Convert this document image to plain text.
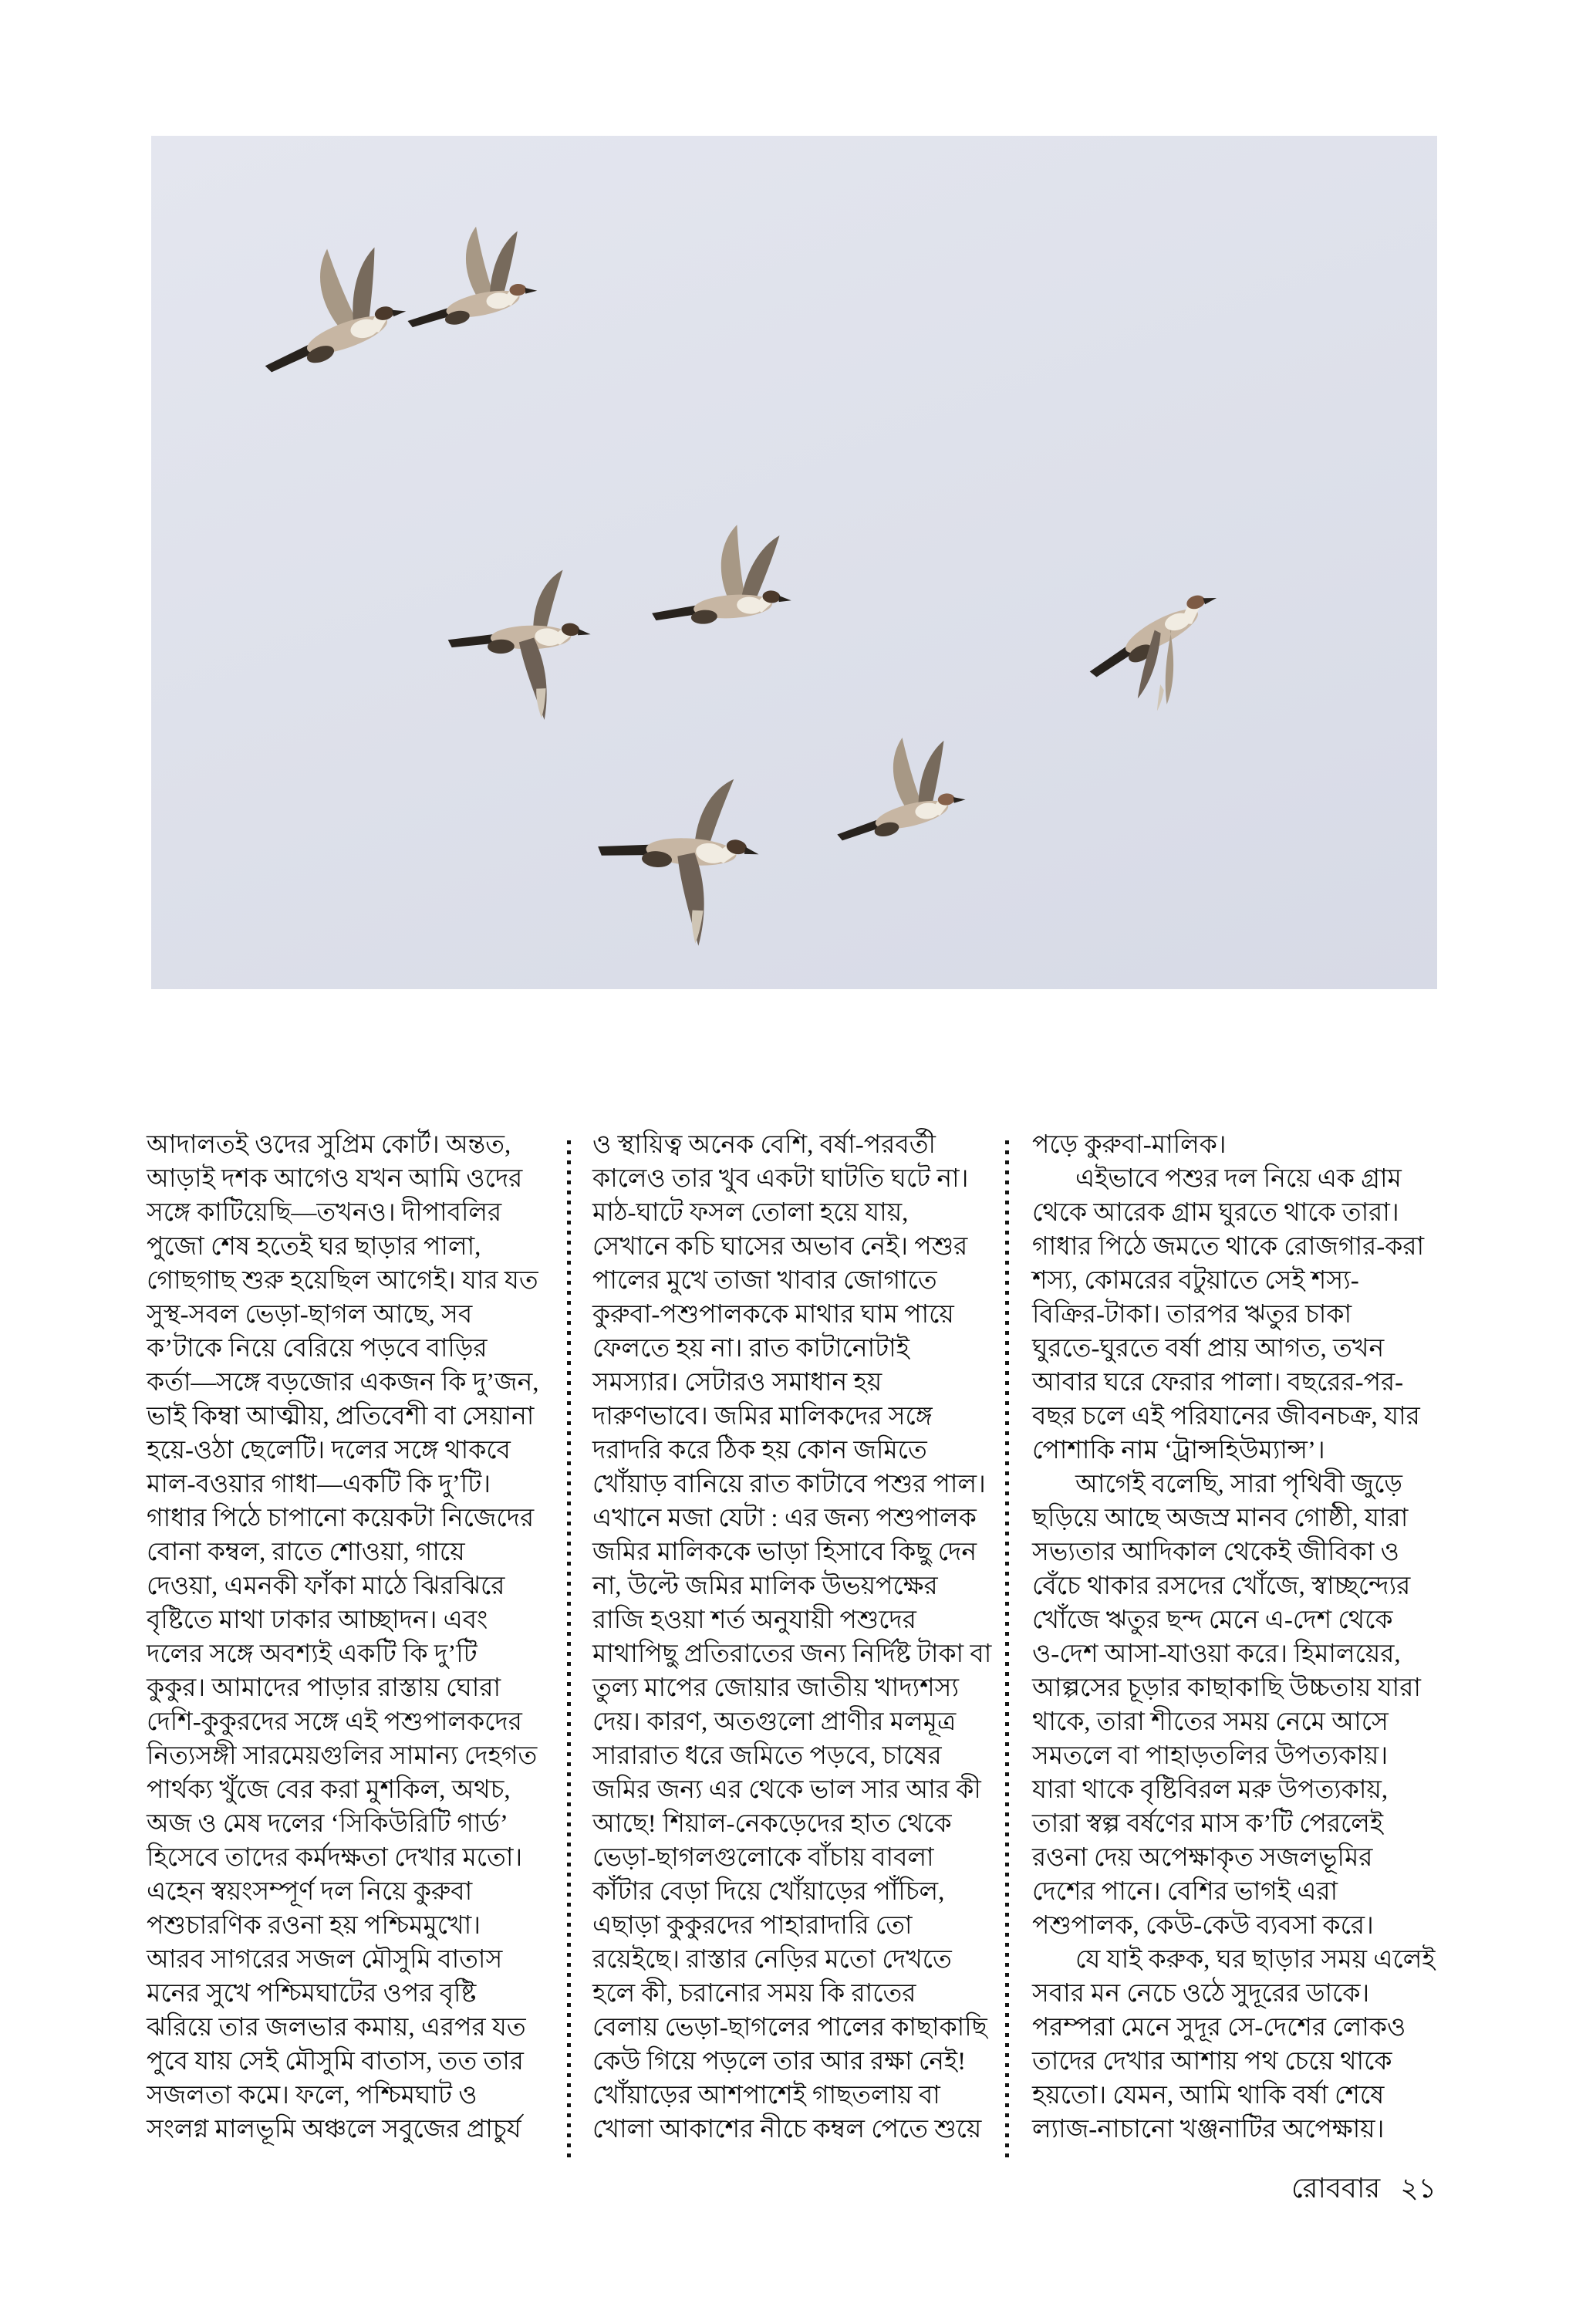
আদালতই ওদের সুপ্রিম কোর্ট। অন্তত,
আড়াই দশক আগেও যখন আমি ওদের
সঙ্গে কাটিয়েছি—তখনও। দীপাবলির
পুজো শেষ হতেই ঘর ছাড়ার পালা,
গোছগাছ শুরু হয়েছিল আগেই। যার যত
সুস্থ-সবল ভেড়া-ছাগল আছে, সব
ক’টাকে নিয়ে বেরিয়ে পড়বে বাড়ির
কর্তা—সঙ্গে বড়জোর একজন কি দু’জন,
ভাই কিম্বা আত্মীয়, প্রতিবেশী বা সেয়ানা
হয়ে-ওঠা ছেলেটি। দলের সঙ্গে থাকবে
মাল-বওয়ার গাধা—একটি কি দু’টি।
গাধার পিঠে চাপানো কয়েকটা নিজেদের
বোনা কম্বল, রাতে শোওয়া, গায়ে
দেওয়া, এমনকী ফাঁকা মাঠে ঝিরঝিরে
বৃষ্টিতে মাথা ঢাকার আচ্ছাদন। এবং
দলের সঙ্গে অবশ্যই একটি কি দু’টি
কুকুর। আমাদের পাড়ার রাস্তায় ঘোরা
দেশি-কুকুরদের সঙ্গে এই পশুপালকদের
নিত্যসঙ্গী সারমেয়গুলির সামান্য দেহগত
পার্থক্য খুঁজে বের করা মুশকিল, অথচ,
অজ ও মেষ দলের ‘সিকিউরিটি গার্ড’
হিসেবে তাদের কর্মদক্ষতা দেখার মতো।
এহেন স্বয়ংসম্পূর্ণ দল নিয়ে কুরুবা
পশুচারণিক রওনা হয় পশ্চিমমুখো।
আরব সাগরের সজল মৌসুমি বাতাস
মনের সুখে পশ্চিমঘাটের ওপর বৃষ্টি
ঝরিয়ে তার জলভার কমায়, এরপর যত
পুবে যায় সেই মৌসুমি বাতাস, তত তার
সজলতা কমে। ফলে, পশ্চিমঘাট ও
সংলগ্ন মালভূমি অঞ্চলে সবুজের প্রাচুর্য
ও স্থায়িত্ব অনেক বেশি, বর্ষা-পরবর্তী
কালেও তার খুব একটা ঘাটতি ঘটে না।
মাঠ-ঘাটে ফসল তোলা হয়ে যায়,
সেখানে কচি ঘাসের অভাব নেই। পশুর
পালের মুখে তাজা খাবার জোগাতে
কুরুবা-পশুপালককে মাথার ঘাম পায়ে
ফেলতে হয় না। রাত কাটানোটাই
সমস্যার। সেটারও সমাধান হয়
দারুণভাবে। জমির মালিকদের সঙ্গে
দরাদরি করে ঠিক হয় কোন জমিতে
খোঁয়াড় বানিয়ে রাত কাটাবে পশুর পাল।
এখানে মজা যেটা : এর জন্য পশুপালক
জমির মালিককে ভাড়া হিসাবে কিছু দেন
না, উল্টে জমির মালিক উভয়পক্ষের
রাজি হওয়া শর্ত অনুযায়ী পশুদের
মাথাপিছু প্রতিরাতের জন্য নির্দিষ্ট টাকা বা
তুল্য মাপের জোয়ার জাতীয় খাদ্যশস্য
দেয়। কারণ, অতগুলো প্রাণীর মলমূত্র
সারারাত ধরে জমিতে পড়বে, চাষের
জমির জন্য এর থেকে ভাল সার আর কী
আছে! শিয়াল-নেকড়েদের হাত থেকে
ভেড়া-ছাগলগুলোকে বাঁচায় বাবলা
কাঁটার বেড়া দিয়ে খোঁয়াড়ের পাঁচিল,
এছাড়া কুকুরদের পাহারাদারি তো
রয়েইছে। রাস্তার নেড়ির মতো দেখতে
হলে কী, চরানোর সময় কি রাতের
বেলায় ভেড়া-ছাগলের পালের কাছাকাছি
কেউ গিয়ে পড়লে তার আর রক্ষা নেই!
খোঁয়াড়ের আশপাশেই গাছতলায় বা
খোলা আকাশের নীচে কম্বল পেতে শুয়ে
পড়ে কুরুবা-মালিক।
এইভাবে পশুর দল নিয়ে এক গ্রাম
থেকে আরেক গ্রাম ঘুরতে থাকে তারা।
গাধার পিঠে জমতে থাকে রোজগার-করা
শস্য, কোমরের বটুয়াতে সেই শস্য-
বিক্রির-টাকা। তারপর ঋতুর চাকা
ঘুরতে-ঘুরতে বর্ষা প্রায় আগত, তখন
আবার ঘরে ফেরার পালা। বছরের-পর-
বছর চলে এই পরিযানের জীবনচক্র, যার
পোশাকি নাম ‘ট্রান্সহিউম্যান্স’।
আগেই বলেছি, সারা পৃথিবী জুড়ে
ছড়িয়ে আছে অজস্র মানব গোষ্ঠী, যারা
সভ্যতার আদিকাল থেকেই জীবিকা ও
বেঁচে থাকার রসদের খোঁজে, স্বাচ্ছন্দ্যের
খোঁজে ঋতুর ছন্দ মেনে এ-দেশ থেকে
ও-দেশ আসা-যাওয়া করে। হিমালয়ের,
আল্পসের চূড়ার কাছাকাছি উচ্চতায় যারা
থাকে, তারা শীতের সময় নেমে আসে
সমতলে বা পাহাড়তলির উপত্যকায়।
যারা থাকে বৃষ্টিবিরল মরু উপত্যকায়,
তারা স্বল্প বর্ষণের মাস ক’টি পেরলেই
রওনা দেয় অপেক্ষাকৃত সজলভূমির
দেশের পানে। বেশির ভাগই এরা
পশুপালক, কেউ-কেউ ব্যবসা করে।
যে যাই করুক, ঘর ছাড়ার সময় এলেই
সবার মন নেচে ওঠে সুদূরের ডাকে।
পরম্পরা মেনে সুদূর সে-দেশের লোকও
তাদের দেখার আশায় পথ চেয়ে থাকে
হয়তো। যেমন, আমি থাকি বর্ষা শেষে
ল্যাজ-নাচানো খঞ্জনাটির অপেক্ষায়।
রোববার ২১
